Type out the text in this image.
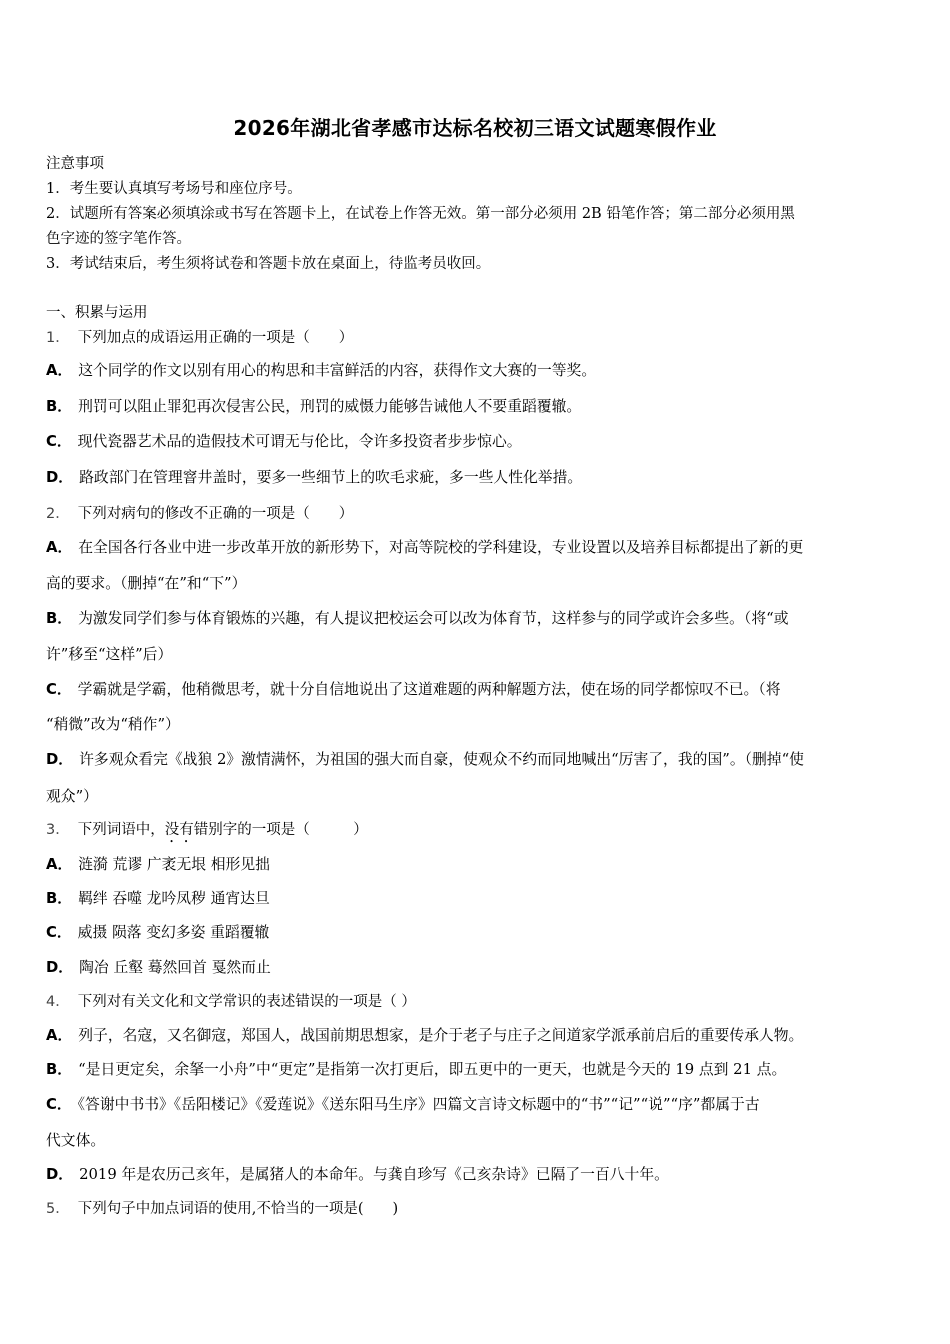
2026年湖北省孝感市达标名校初三语文试题寒假作业
注意事项
1．考生要认真填写考场号和座位序号。
2．试题所有答案必须填涂或书写在答题卡上，在试卷上作答无效。第一部分必须用 2B 铅笔作答；第二部分必须用黑
色字迹的签字笔作答。
3．考试结束后，考生须将试卷和答题卡放在桌面上，待监考员收回。
一、积累与运用
1． 下列加点的成语运用正确的一项是（　　）
A． 这个同学的作文以别有用心的构思和丰富鲜活的内容，获得作文大赛的一等奖。
B． 刑罚可以阻止罪犯再次侵害公民，刑罚的威慑力能够告诫他人不要重蹈覆辙。
C． 现代瓷器艺术品的造假技术可谓无与伦比，令许多投资者步步惊心。
D． 路政部门在管理窨井盖时，要多一些细节上的吹毛求疵，多一些人性化举措。
2． 下列对病句的修改不正确的一项是（　　）
A． 在全国各行各业中进一步改革开放的新形势下，对高等院校的学科建设，专业设置以及培养目标都提出了新的更
高的要求。（删掉“在”和“下”）
B． 为激发同学们参与体育锻炼的兴趣，有人提议把校运会可以改为体育节，这样参与的同学或许会多些。（将“或
许”移至“这样”后）
C． 学霸就是学霸，他稍微思考，就十分自信地说出了这道难题的两种解题方法，使在场的同学都惊叹不已。（将
“稍微”改为“稍作”）
D． 许多观众看完《战狼 2》激情满怀，为祖国的强大而自豪，使观众不约而同地喊出“厉害了，我的国”。（删掉“使
观众”）
3． 下列词语中，没有错别字的一项是（　　　）
A． 涟漪 荒谬 广袤无垠 相形见拙
B． 羁绊 吞噬 龙吟凤秽 通宵达旦
C． 威摄 陨落 变幻多姿 重蹈覆辙
D． 陶冶 丘壑 蓦然回首 戛然而止
4． 下列对有关文化和文学常识的表述错误的一项是（ ）
A． 列子，名寇，又名御寇，郑国人，战国前期思想家，是介于老子与庄子之间道家学派承前启后的重要传承人物。
B． “是日更定矣，余拏一小舟”中“更定”是指第一次打更后，即五更中的一更天，也就是今天的 19 点到 21 点。
C． 《答谢中书书》《岳阳楼记》《爱莲说》《送东阳马生序》四篇文言诗文标题中的“书”“记”“说”“序”都属于古
代文体。
D． 2019 年是农历己亥年，是属猪人的本命年。与龚自珍写《己亥杂诗》已隔了一百八十年。
5． 下列句子中加点词语的使用,不恰当的一项是(　　)
